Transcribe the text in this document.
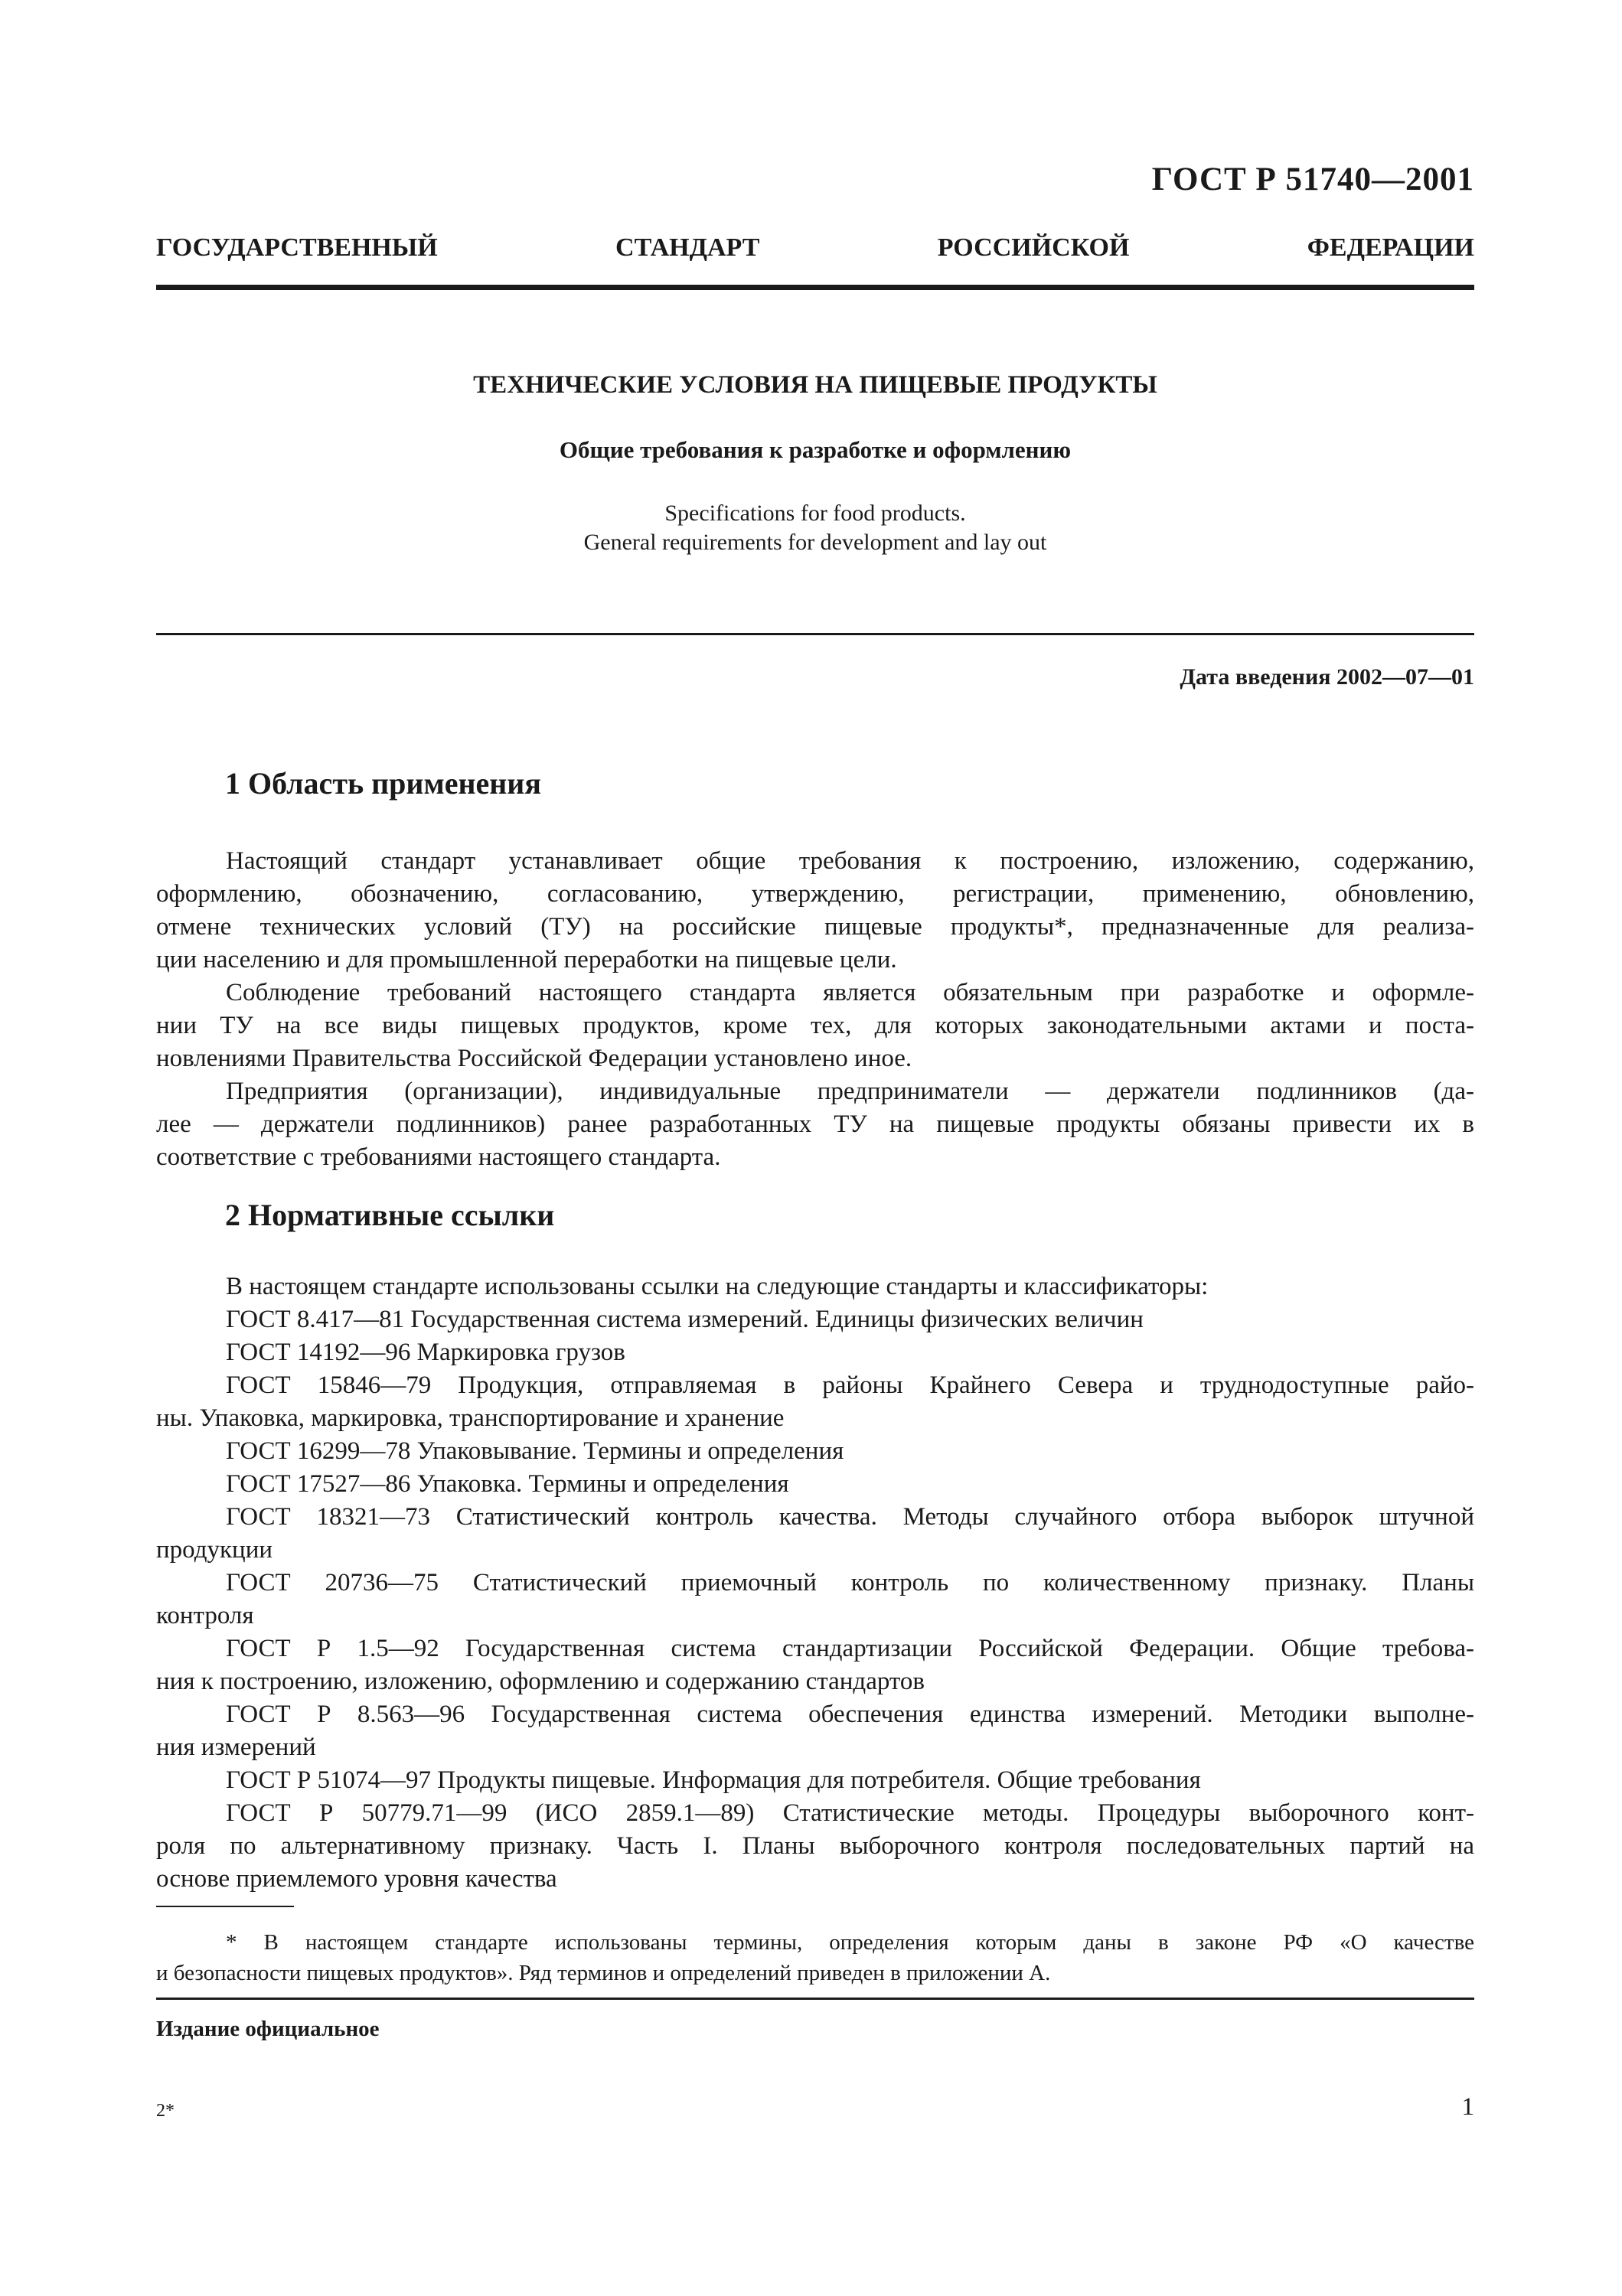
ГОСТ Р 51740—2001
ГОСУДАРСТВЕННЫЙ	СТАНДАРТ	РОССИЙСКОЙ	ФЕДЕРАЦИИ
ТЕХНИЧЕСКИЕ УСЛОВИЯ НА ПИЩЕВЫЕ ПРОДУКТЫ
Общие требования к разработке и оформлению
Specifications for food products.
General requirements for development and lay out
Дата введения 2002—07—01
1 Область применения
Настоящий стандарт устанавливает общие требования к построению, изложению, содержанию,
оформлению, обозначению, согласованию, утверждению, регистрации, применению, обновлению,
отмене технических условий (ТУ) на российские пищевые продукты*, предназначенные для реализа-
ции населению и для промышленной переработки на пищевые цели.
Соблюдение требований настоящего стандарта является обязательным при разработке и оформле-
нии ТУ на все виды пищевых продуктов, кроме тех, для которых законодательными актами и поста-
новлениями Правительства Российской Федерации установлено иное.
Предприятия (организации), индивидуальные предприниматели — держатели подлинников (да-
лее — держатели подлинников) ранее разработанных ТУ на пищевые продукты обязаны привести их в
соответствие с требованиями настоящего стандарта.
2 Нормативные ссылки
В настоящем стандарте использованы ссылки на следующие стандарты и классификаторы:
ГОСТ 8.417—81 Государственная система измерений. Единицы физических величин
ГОСТ 14192—96 Маркировка грузов
ГОСТ 15846—79 Продукция, отправляемая в районы Крайнего Севера и труднодоступные райо-
ны. Упаковка, маркировка, транспортирование и хранение
ГОСТ 16299—78 Упаковывание. Термины и определения
ГОСТ 17527—86 Упаковка. Термины и определения
ГОСТ 18321—73 Статистический контроль качества. Методы случайного отбора выборок штучной
продукции
ГОСТ 20736—75 Статистический приемочный контроль по количественному признаку. Планы
контроля
ГОСТ Р 1.5—92 Государственная система стандартизации Российской Федерации. Общие требова-
ния к построению, изложению, оформлению и содержанию стандартов
ГОСТ Р 8.563—96 Государственная система обеспечения единства измерений. Методики выполне-
ния измерений
ГОСТ Р 51074—97 Продукты пищевые. Информация для потребителя. Общие требования
ГОСТ Р 50779.71—99 (ИСО 2859.1—89) Статистические методы. Процедуры выборочного конт-
роля по альтернативному признаку. Часть I. Планы выборочного контроля последовательных партий на
основе приемлемого уровня качества
* В настоящем стандарте использованы термины, определения которым даны в законе РФ «О качестве
и безопасности пищевых продуктов». Ряд терминов и определений приведен в приложении А.
Издание официальное
2*	1
